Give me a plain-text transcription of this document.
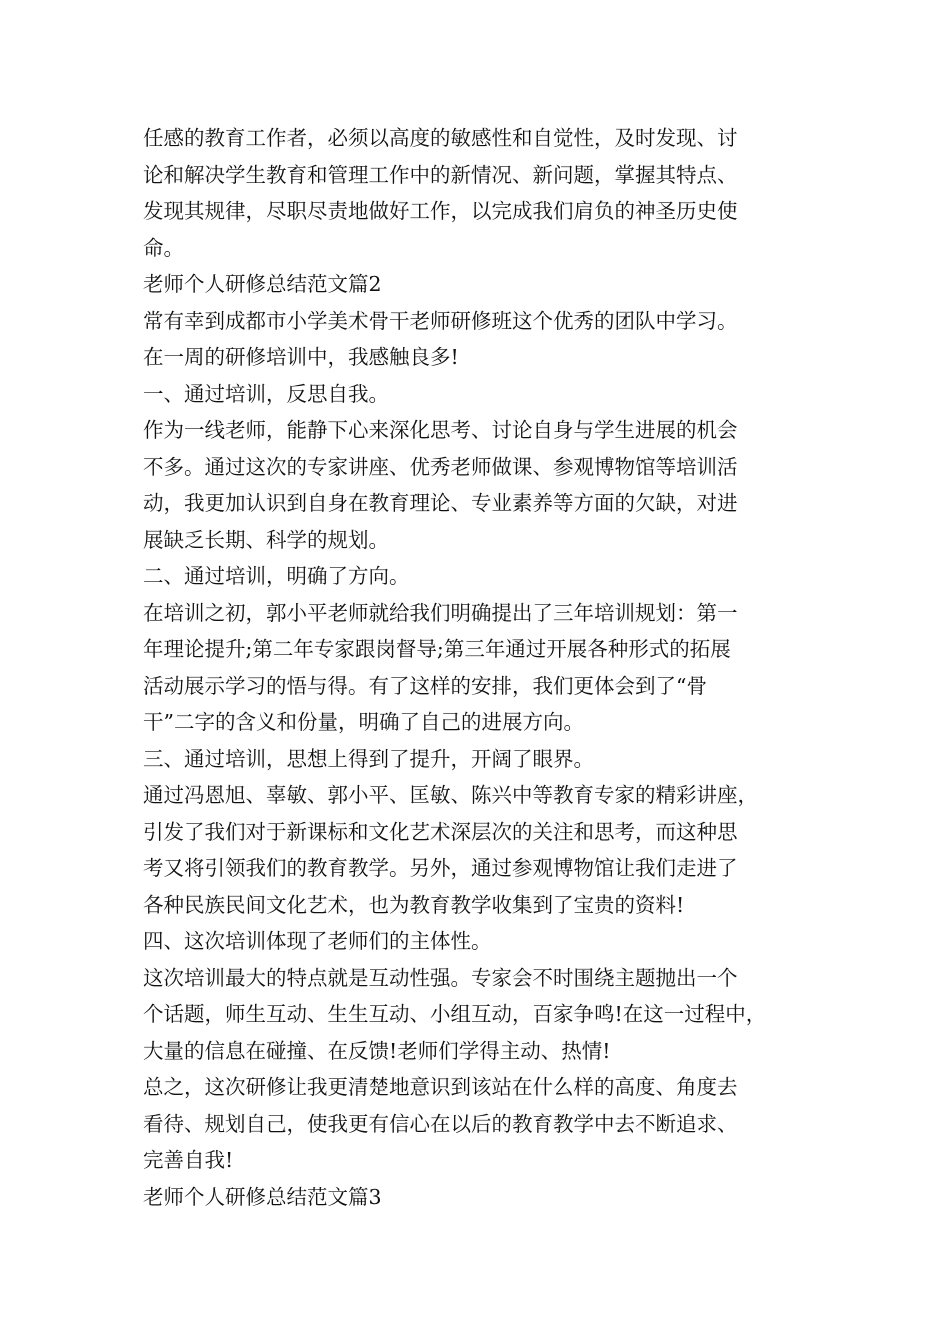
任感的教育工作者，必须以高度的敏感性和自觉性，及时发现、讨
论和解决学生教育和管理工作中的新情况、新问题，掌握其特点、
发现其规律，尽职尽责地做好工作，以完成我们肩负的神圣历史使
命。
老师个人研修总结范文篇2
常有幸到成都市小学美术骨干老师研修班这个优秀的团队中学习。
在一周的研修培训中，我感触良多!
一、通过培训，反思自我。
作为一线老师，能静下心来深化思考、讨论自身与学生进展的机会
不多。通过这次的专家讲座、优秀老师做课、参观博物馆等培训活
动，我更加认识到自身在教育理论、专业素养等方面的欠缺，对进
展缺乏长期、科学的规划。
二、通过培训，明确了方向。
在培训之初，郭小平老师就给我们明确提出了三年培训规划：第一
年理论提升;第二年专家跟岗督导;第三年通过开展各种形式的拓展
活动展示学习的悟与得。有了这样的安排，我们更体会到了“骨
干”二字的含义和份量，明确了自己的进展方向。
三、通过培训，思想上得到了提升，开阔了眼界。
通过冯恩旭、辜敏、郭小平、匡敏、陈兴中等教育专家的精彩讲座，
引发了我们对于新课标和文化艺术深层次的关注和思考，而这种思
考又将引领我们的教育教学。另外，通过参观博物馆让我们走进了
各种民族民间文化艺术，也为教育教学收集到了宝贵的资料!
四、这次培训体现了老师们的主体性。
这次培训最大的特点就是互动性强。专家会不时围绕主题抛出一个
个话题，师生互动、生生互动、小组互动，百家争鸣!在这一过程中，
大量的信息在碰撞、在反馈!老师们学得主动、热情!
总之，这次研修让我更清楚地意识到该站在什么样的高度、角度去
看待、规划自己，使我更有信心在以后的教育教学中去不断追求、
完善自我!
老师个人研修总结范文篇3
